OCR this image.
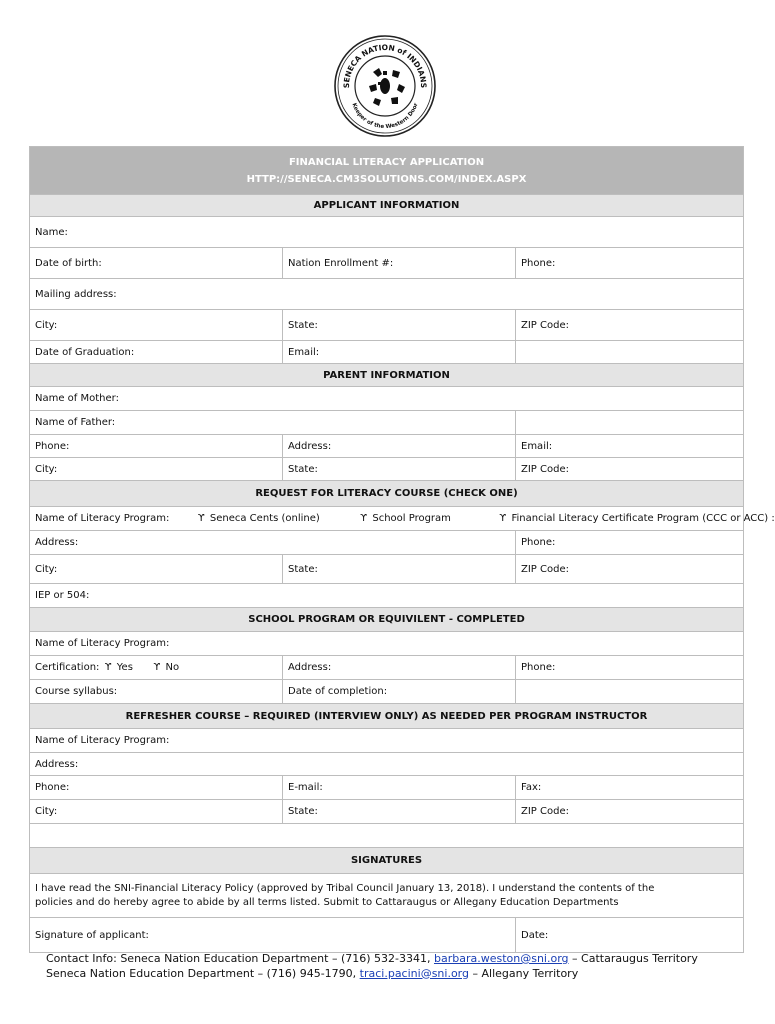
SENECA NATION of INDIANS
Keeper of the Western Door
FINANCIAL LITERACY APPLICATION
HTTP://SENECA.CM3SOLUTIONS.COM/INDEX.ASPX		

APPLICANT INFORMATION		
Name:		
Date of birth:	Nation Enrollment #:	Phone:
Mailing address:		
City:	State:	ZIP Code:
Date of Graduation:	Email:	
PARENT INFORMATION		
Name of Mother:		
Name of Father:		
Phone:	Address:	Email:
City:	State:	ZIP Code:
REQUEST FOR LITERACY COURSE (CHECK ONE)		
Name of Literacy Program: ϒ Seneca Cents (online) ϒ School Program ϒ Financial Literacy Certificate Program (CCC or ACC) :		
Address:		Phone:
City:	State:	ZIP Code:
IEP or 504:		
SCHOOL PROGRAM OR EQUIVILENT - COMPLETED		
Name of Literacy Program:		
Certification: ϒ Yes ϒ No	Address:	Phone:
Course syllabus:	Date of completion:	
REFRESHER COURSE – REQUIRED (INTERVIEW ONLY) AS NEEDED PER PROGRAM INSTRUCTOR		
Name of Literacy Program:		
Address:		
Phone:	E-mail:	Fax:
City:	State:	ZIP Code:

SIGNATURES		

I have read the SNI-Financial Literacy Policy (approved by Tribal Council January 13, 2018). I understand the contents of the
policies and do hereby agree to abide by all terms listed. Submit to Cattaraugus or Allegany Education Departments		

Signature of applicant:		Date:
Contact Info: Seneca Nation Education Department – (716) 532-3341, barbara.weston@sni.org – Cattaraugus Territory
Seneca Nation Education Department – (716) 945-1790, traci.pacini@sni.org – Allegany Territory
